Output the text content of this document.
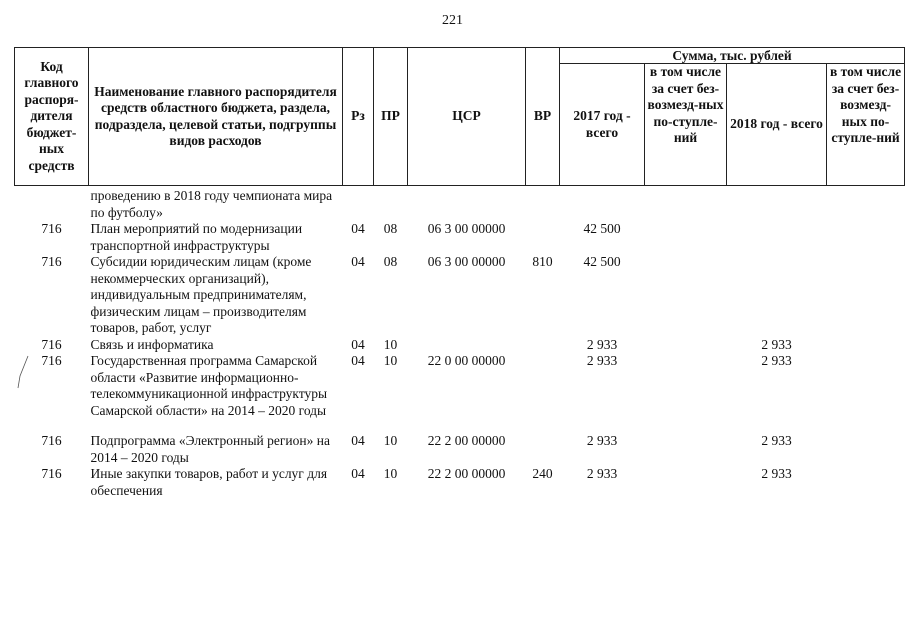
221
Код главного распоря-дителя бюджет-ных средств	Наименование главного распорядителя средств областного бюджета, раздела, подраздела, целевой статьи, подгруппы видов расходов	Рз	ПР	ЦСР	ВР	Сумма, тыс. рублей			
						2017 год - всего	в том числе за счет без-возмезд-ных по-ступле-ний	2018 год - всего	в том числе за счет без-возмезд-ных по-ступле-ний
	проведению в 2018 году чемпионата мира по футболу»								
716	План мероприятий по модернизации транспортной инфраструктуры	04	08	06 3 00 00000		42 500			
716	Субсидии юридическим лицам (кроме некоммерческих организаций), индивидуальным предпринимателям, физическим лицам – производителям товаров, работ, услуг	04	08	06 3 00 00000	810	42 500			
716	Связь и информатика	04	10			2 933		2 933	
716	Государственная программа Самарской области «Развитие информационно-телекоммуникационной инфраструктуры Самарской области» на 2014 – 2020 годы	04	10	22 0 00 00000		2 933		2 933	
716	Подпрограмма «Электронный регион» на 2014 – 2020 годы	04	10	22 2 00 00000		2 933		2 933	
716	Иные закупки товаров, работ и услуг для обеспечения	04	10	22 2 00 00000	240	2 933		2 933	
